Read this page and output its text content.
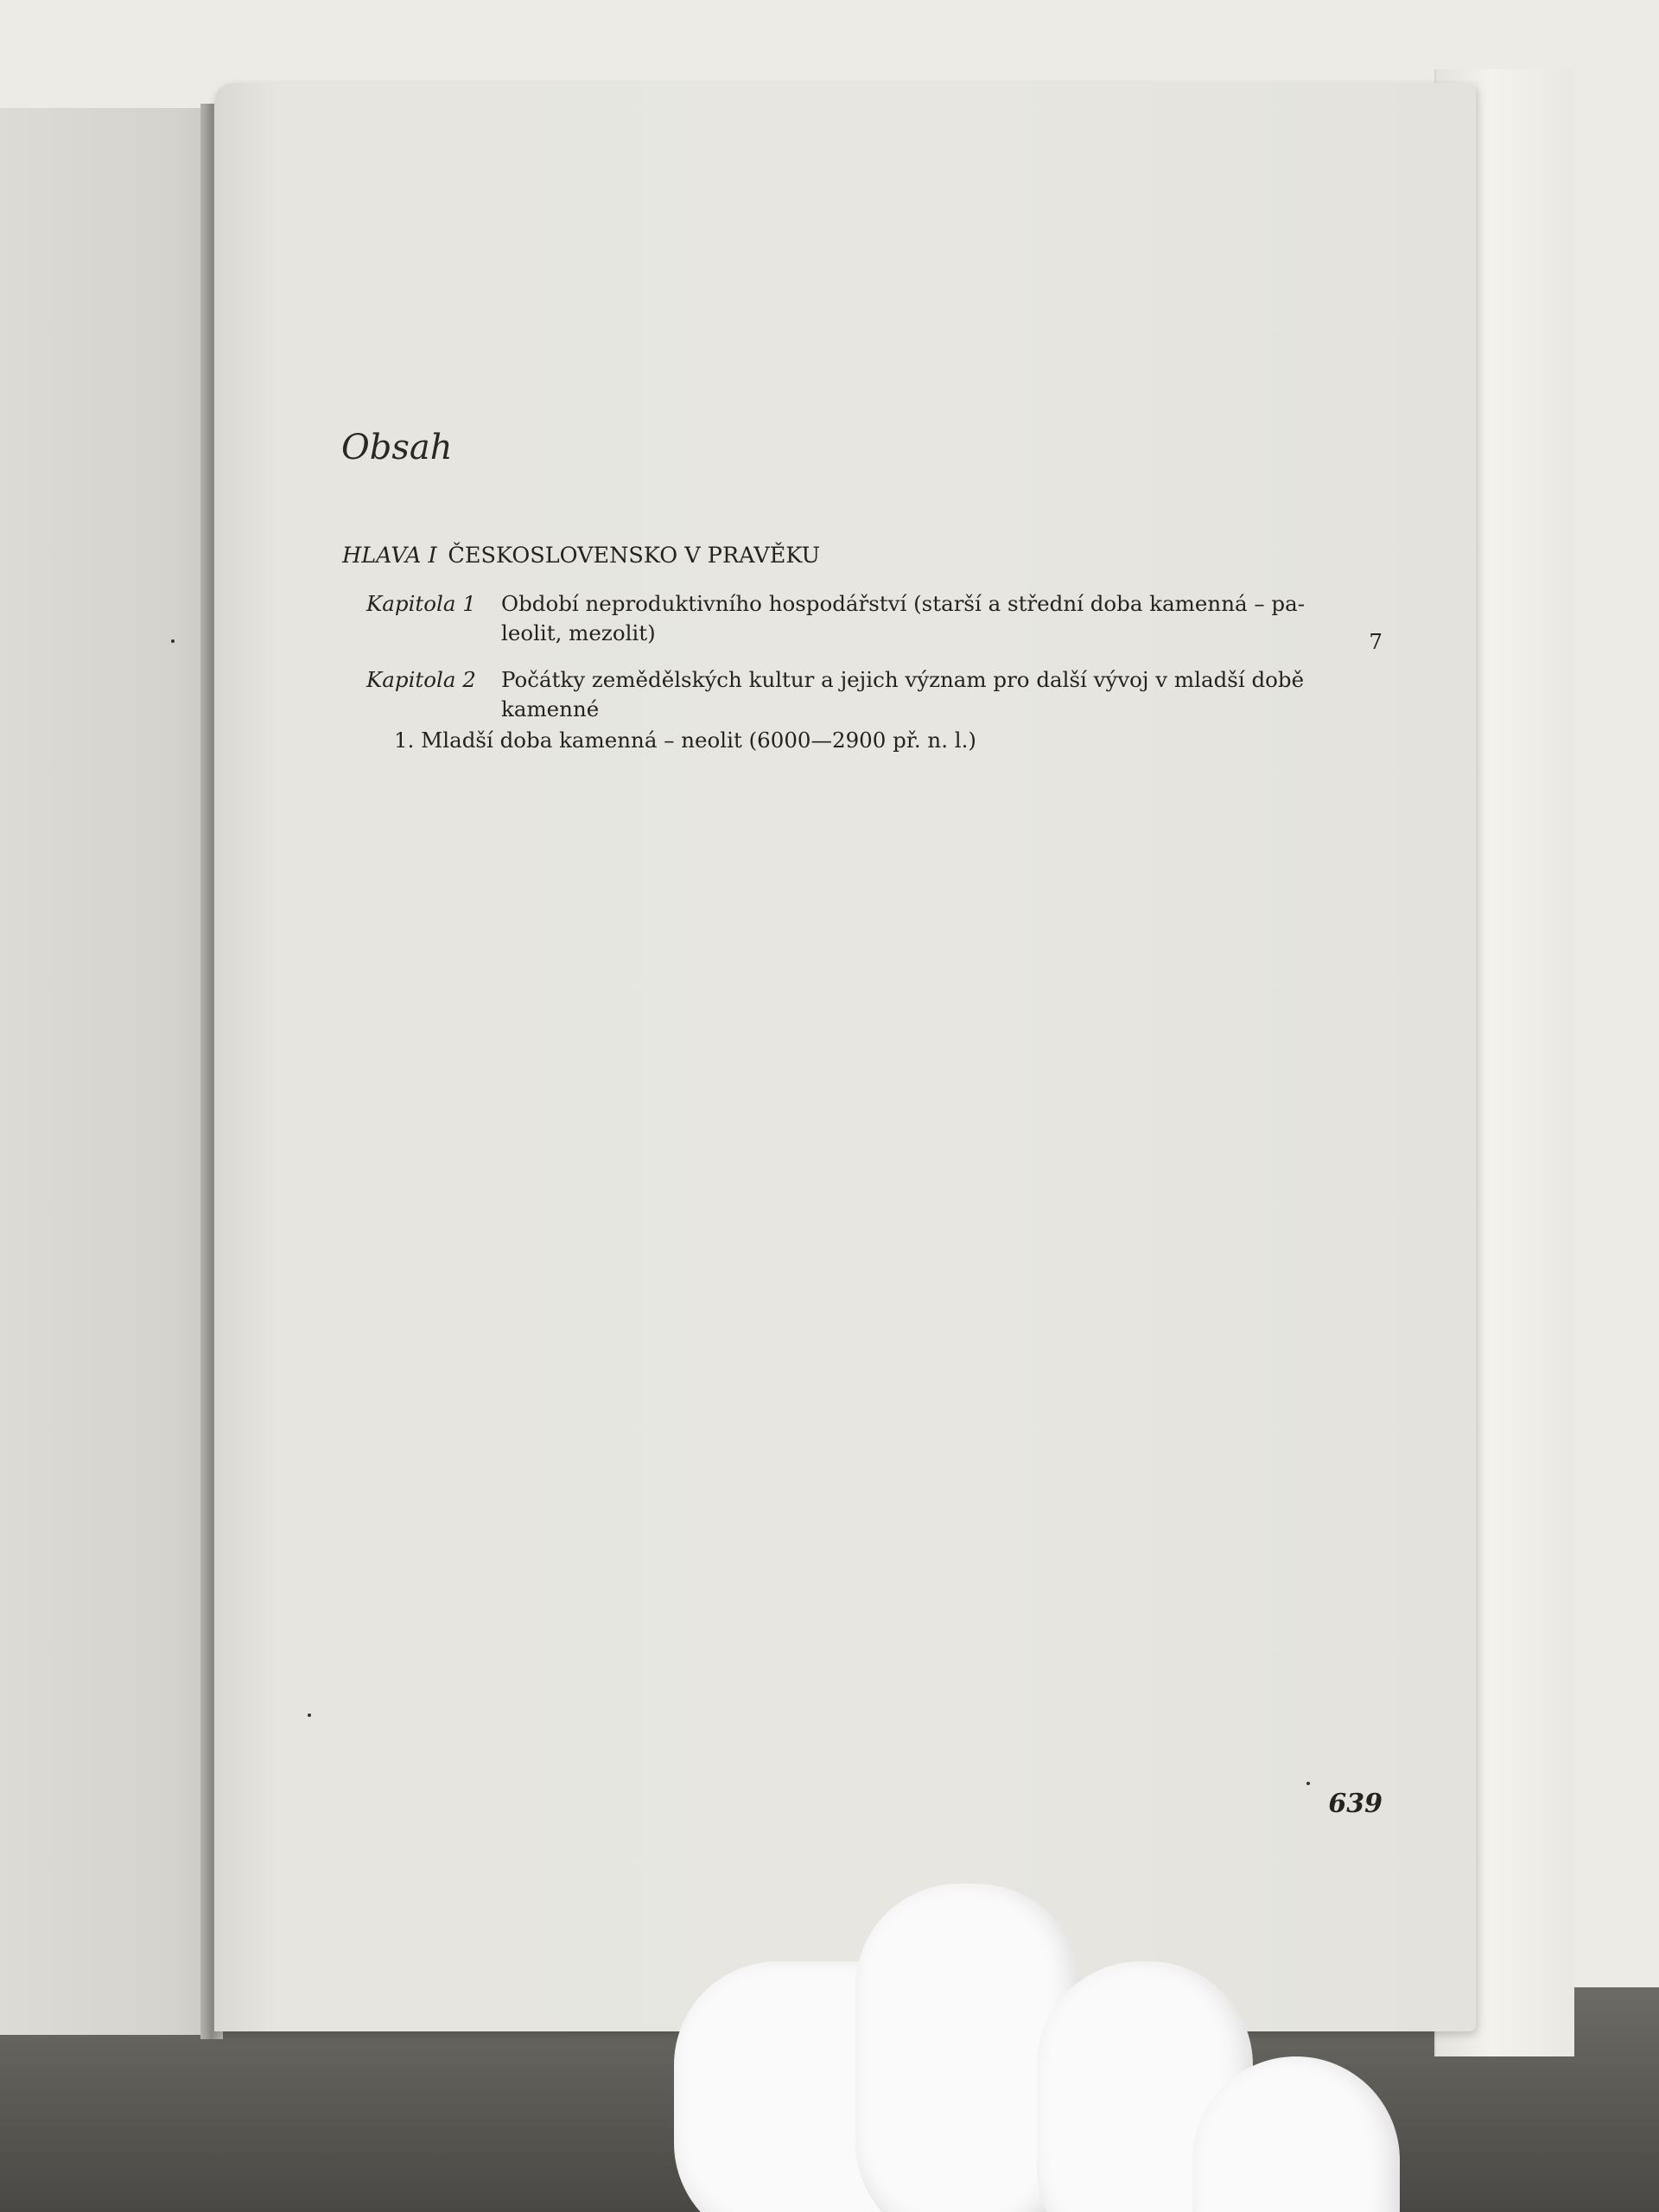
Obsah
639
HLAVA I  ČESKOSLOVENSKO V PRAVĚKU
Kapitola 1 Období neproduktivního hospodářství (starší a střední doba kamenná – pa-
leolit, mezolit)	7
Kapitola 2 Počátky zemědělských kultur a jejich význam pro další vývoj v mladší době
kamenné
1. Mladší doba kamenná – neolit (6000—2900 př. n. l.)
